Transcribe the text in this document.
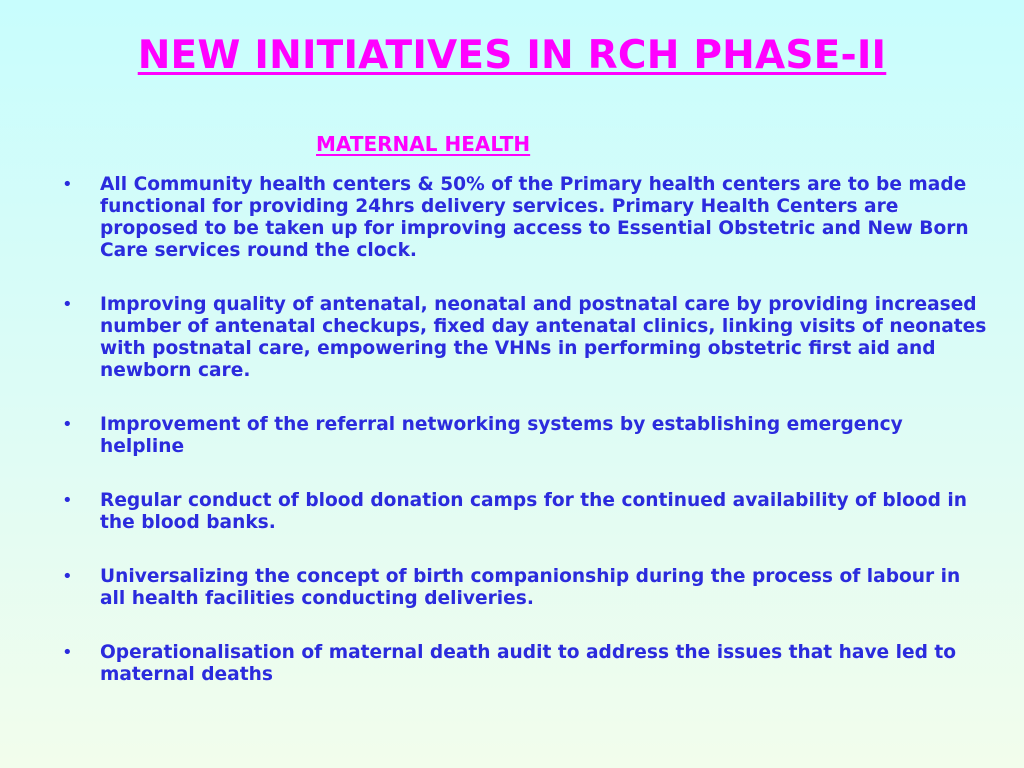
NEW INITIATIVES IN RCH PHASE-II
MATERNAL HEALTH
• All Community health centers & 50% of the Primary health centers are to be made functional for providing 24hrs delivery services. Primary Health Centers are proposed to be taken up for improving access to Essential Obstetric and New Born Care services round the clock.
• Improving quality of antenatal, neonatal and postnatal care by providing increased number of antenatal checkups, fixed day antenatal clinics, linking visits of neonates with postnatal care, empowering the VHNs in performing obstetric first aid and newborn care.
• Improvement of the referral networking systems by establishing emergency helpline
• Regular conduct of blood donation camps for the continued availability of blood in the blood banks.
• Universalizing the concept of birth companionship during the process of labour in all health facilities conducting deliveries.
• Operationalisation of maternal death audit to address the issues that have led to maternal deaths
